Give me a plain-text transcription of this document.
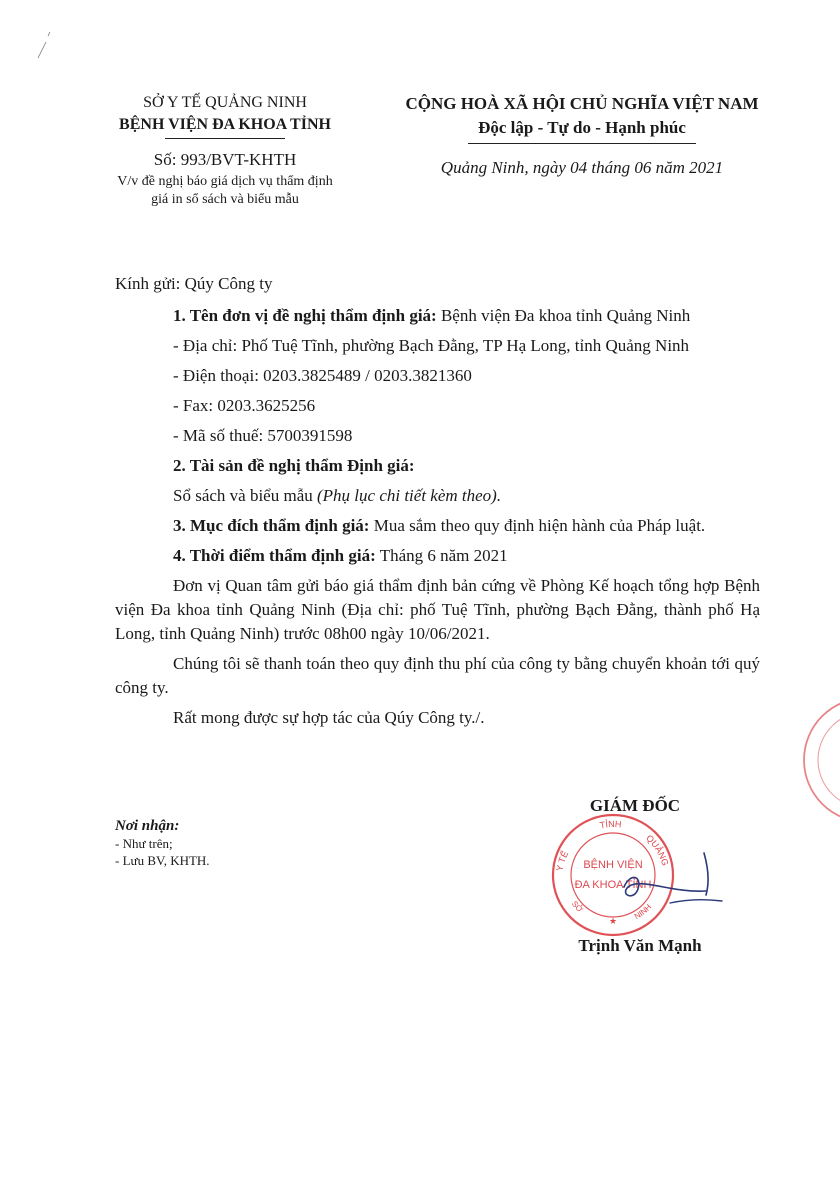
SỞ Y TẾ QUẢNG NINH
BỆNH VIỆN ĐA KHOA TỈNH
Số: 993/BVT-KHTH
V/v đề nghị báo giá dịch vụ thẩm định
giá in sổ sách và biểu mẫu
CỘNG HOÀ XÃ HỘI CHỦ NGHĨA VIỆT NAM
Độc lập - Tự do - Hạnh phúc
Quảng Ninh, ngày 04 tháng 06 năm 2021

Kính gửi: Qúy Công ty

1. Tên đơn vị đề nghị thẩm định giá: Bệnh viện Đa khoa tỉnh Quảng Ninh

- Địa chỉ: Phố Tuệ Tĩnh, phường Bạch Đằng, TP Hạ Long, tỉnh Quảng Ninh

- Điện thoại: 0203.3825489 / 0203.3821360

- Fax: 0203.3625256

- Mã số thuế: 5700391598

2. Tài sản đề nghị thẩm Định giá:

Sổ sách và biểu mẫu (Phụ lục chi tiết kèm theo).

3. Mục đích thẩm định giá: Mua sắm theo quy định hiện hành của Pháp luật.

4. Thời điểm thẩm định giá: Tháng 6 năm 2021

Đơn vị Quan tâm gửi báo giá thẩm định bản cứng về Phòng Kế hoạch tổng hợp Bệnh viện Đa khoa tỉnh Quảng Ninh (Địa chỉ: phố Tuệ Tĩnh, phường Bạch Đằng, thành phố Hạ Long, tỉnh Quảng Ninh) trước 08h00 ngày 10/06/2021.

Chúng tôi sẽ thanh toán theo quy định thu phí của công ty bằng chuyển khoản tới quý công ty.

Rất mong được sự hợp tác của Qúy Công ty./.

Nơi nhận:
- Như trên;
- Lưu BV, KHTH.
GIÁM ĐỐC
Y TẾ
TỈNH
QUẢNG
SỞ
NINH
BỆNH VIỆN
ĐA KHOA TỈNH
★
Trịnh Văn Mạnh
